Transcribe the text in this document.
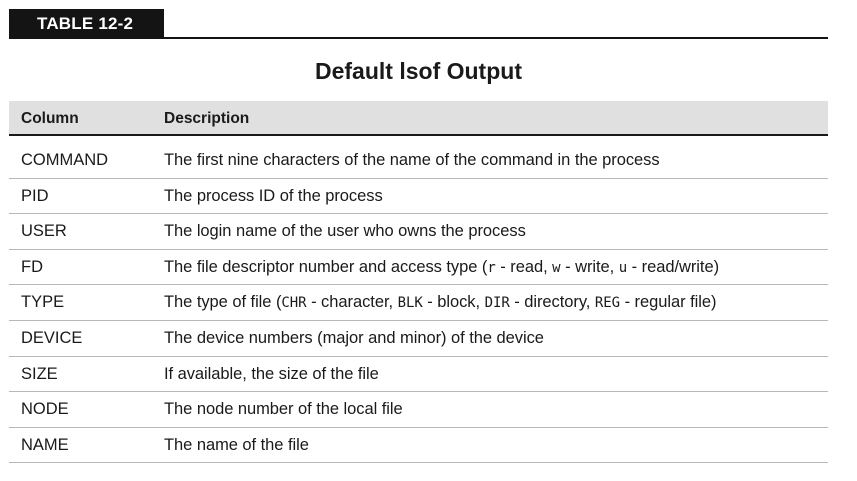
TABLE 12-2
Default lsof Output
Column	Description
COMMAND	The first nine characters of the name of the command in the process
PID	The process ID of the process
USER	The login name of the user who owns the process
FD	The file descriptor number and access type (r - read, w - write, u - read/write)
TYPE	The type of file (CHR - character, BLK - block, DIR - directory, REG - regular file)
DEVICE	The device numbers (major and minor) of the device
SIZE	If available, the size of the file
NODE	The node number of the local file
NAME	The name of the file
